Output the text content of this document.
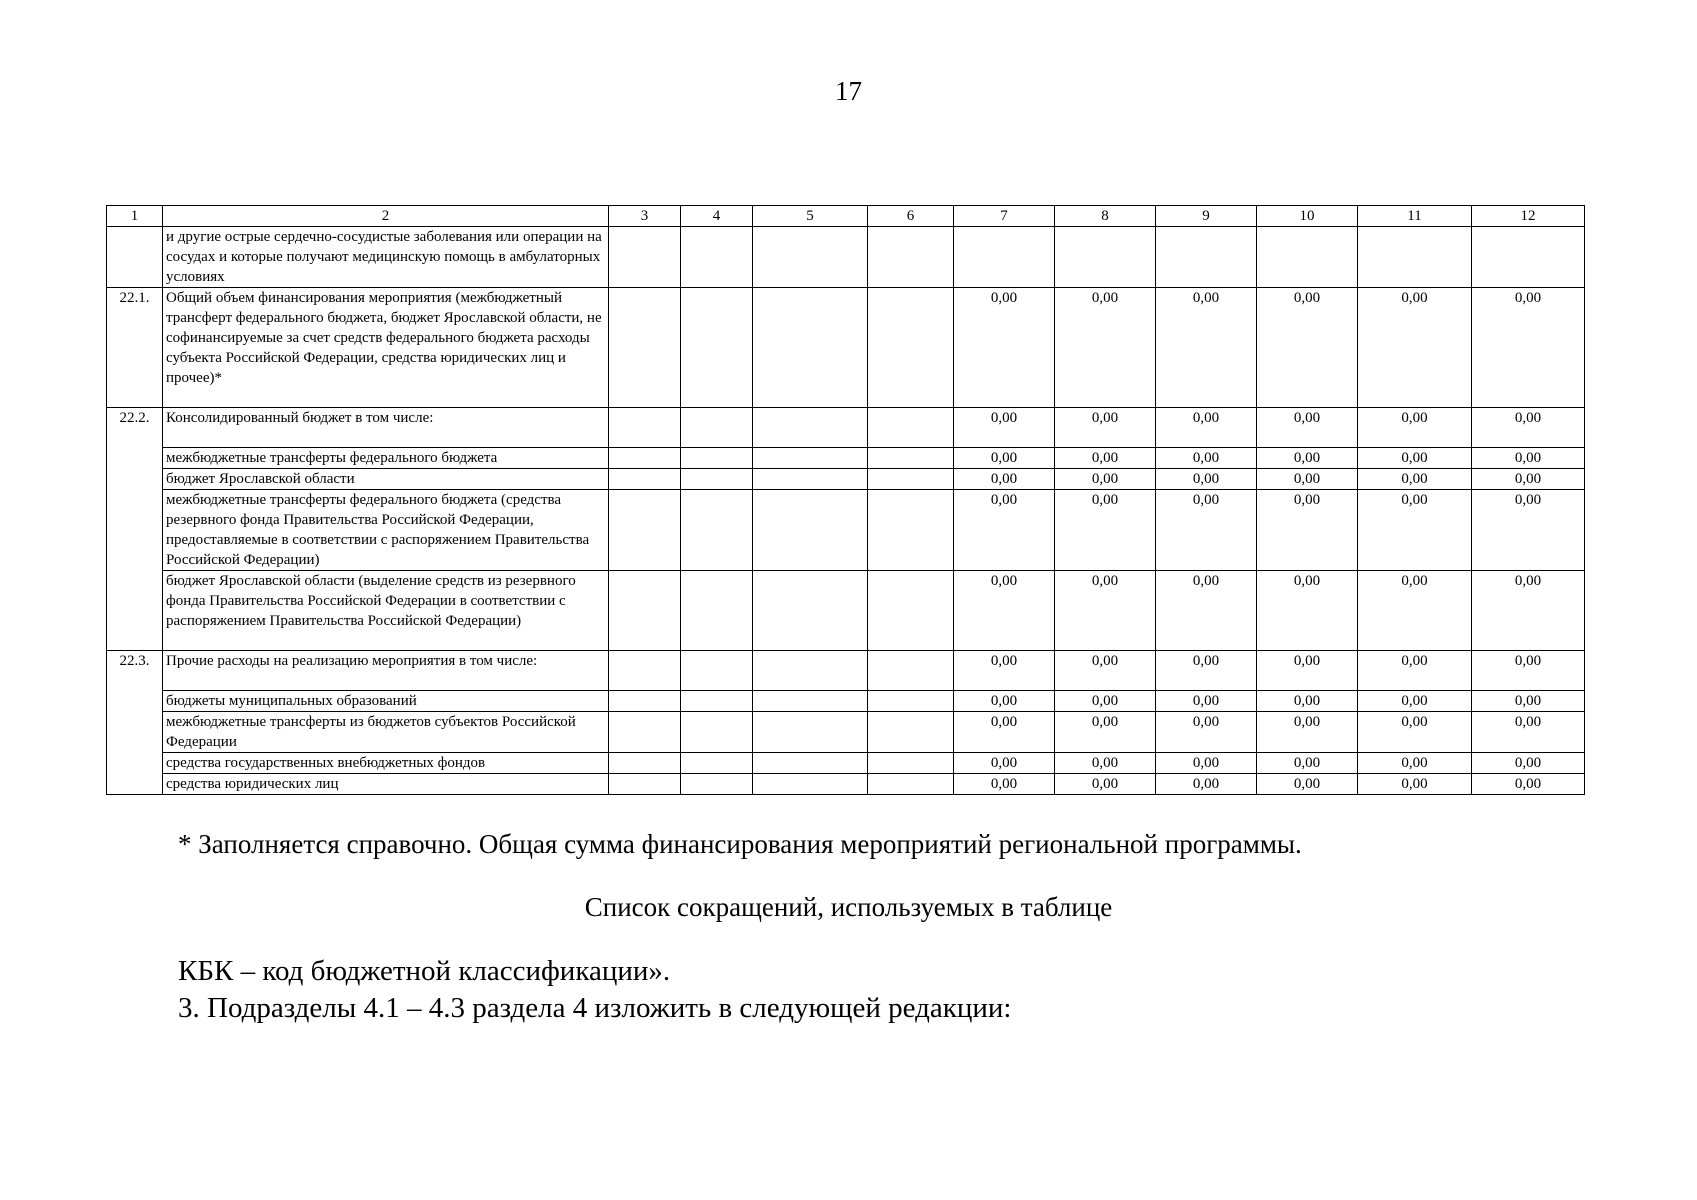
17
1	2	3	4	5	6	7	8	9	10	11	12
	и другие острые сердечно-сосудистые заболевания или операции на сосудах и которые получают медицинскую помощь в амбулаторных условиях										
22.1.	Общий объем финансирования мероприятия (межбюджетный трансферт федерального бюджета, бюджет Ярославской области, не софинансируемые за счет средств федерального бюджета расходы субъекта Российской Федерации, средства юридических лиц и прочее)*					0,00	0,00	0,00	0,00	0,00	0,00
22.2.	Консолидированный бюджет в том числе:					0,00	0,00	0,00	0,00	0,00	0,00
	межбюджетные трансферты федерального бюджета					0,00	0,00	0,00	0,00	0,00	0,00
	бюджет Ярославской области					0,00	0,00	0,00	0,00	0,00	0,00
	межбюджетные трансферты федерального бюджета (средства резервного фонда Правительства Российской Федерации, предоставляемые в соответствии с распоряжением Правительства Российской Федерации)					0,00	0,00	0,00	0,00	0,00	0,00
	бюджет Ярославской области (выделение средств из резервного фонда Правительства Российской Федерации в соответствии с распоряжением Правительства Российской Федерации)					0,00	0,00	0,00	0,00	0,00	0,00
22.3.	Прочие расходы на реализацию мероприятия в том числе:					0,00	0,00	0,00	0,00	0,00	0,00
	бюджеты муниципальных образований					0,00	0,00	0,00	0,00	0,00	0,00
	межбюджетные трансферты из бюджетов субъектов Российской Федерации					0,00	0,00	0,00	0,00	0,00	0,00
	средства государственных внебюджетных фондов					0,00	0,00	0,00	0,00	0,00	0,00
	средства юридических лиц					0,00	0,00	0,00	0,00	0,00	0,00
* Заполняется справочно. Общая сумма финансирования мероприятий региональной программы.
Список сокращений, используемых в таблице
КБК – код бюджетной классификации».
3. Подразделы 4.1 – 4.3 раздела 4 изложить в следующей редакции:
